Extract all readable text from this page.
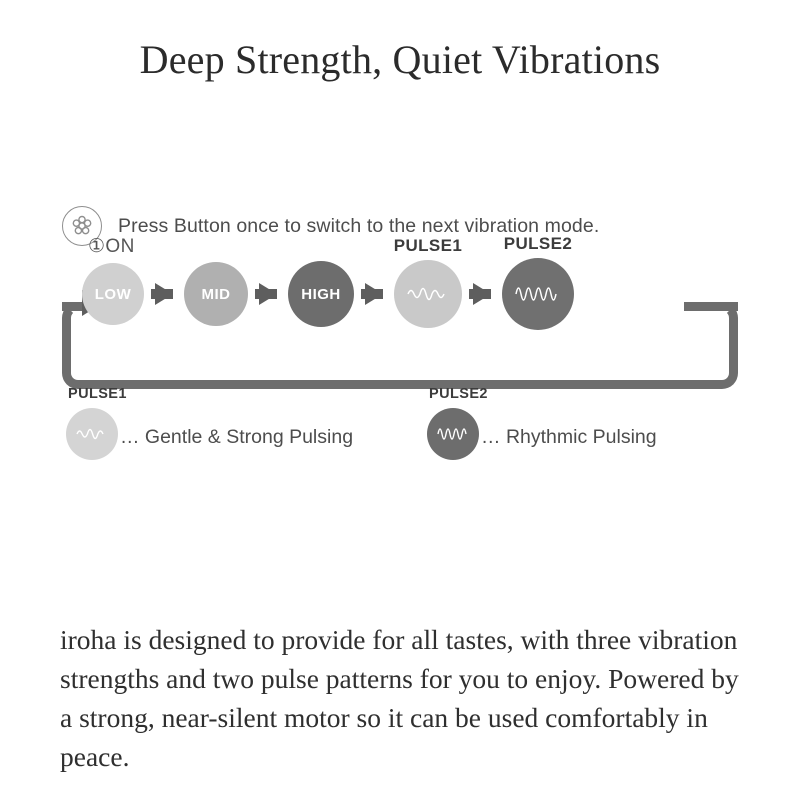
Deep Strength, Quiet Vibrations
Press Button once to switch to the next vibration mode.
①ON
LOW	MID	HIGH
PULSE1 PULSE2
PULSE1
… Gentle & Strong Pulsing
PULSE2
… Rhythmic Pulsing
iroha is designed to provide for all tastes, with three vibration strengths and two pulse patterns for you to enjoy. Powered by a strong, near-silent motor so it can be used comfortably in peace.
